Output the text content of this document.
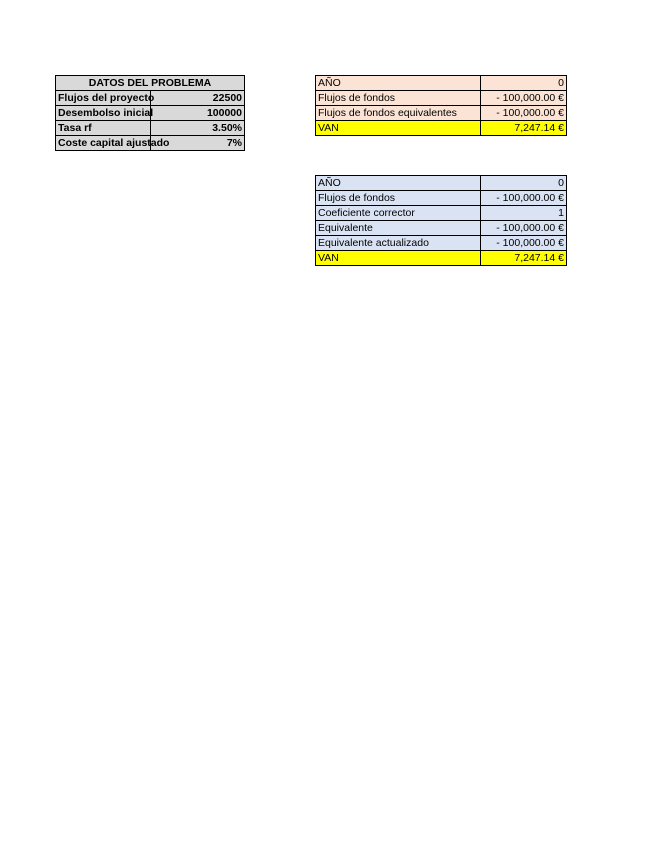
DATOS DEL PROBLEMA	
Flujos del proyecto	22500
Desembolso inicial	100000
Tasa rf	3.50%
Coste capital ajustado	7%
AÑO	0
Flujos de fondos	- 100,000.00 €
Flujos de fondos equivalentes	- 100,000.00 €
VAN	7,247.14 €
AÑO	0
Flujos de fondos	- 100,000.00 €
Coeficiente corrector	1
Equivalente	- 100,000.00 €
Equivalente actualizado	- 100,000.00 €
VAN	7,247.14 €
